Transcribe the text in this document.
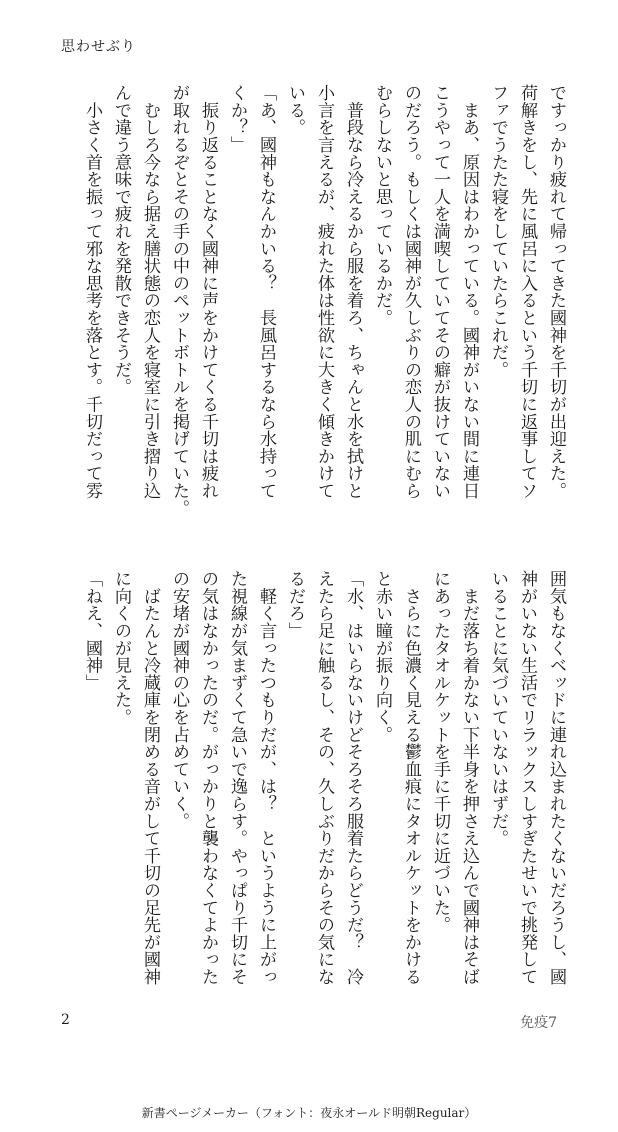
思わせぶり
ですっかり疲れて帰ってきた國神を千切が出迎えた。
荷解きをし、先に風呂に入るという千切に返事してソ
ファでうたた寝をしていたらこれだ。
　まあ、原因はわかっている。國神がいない間に連日
こうやって一人を満喫していてその癖が抜けていない
のだろう。もしくは國神が久しぶりの恋人の肌にむら
むらしないと思っているかだ。
　普段なら冷えるから服を着ろ、ちゃんと水を拭けと
小言を言えるが、疲れた体は性欲に大きく傾きかけて
いる。
「あ、國神もなんかいる？　長風呂するなら水持って
くか？」
　振り返ることなく國神に声をかけてくる千切は疲れ
が取れるぞとその手の中のペットボトルを掲げていた。
　むしろ今なら据え膳状態の恋人を寝室に引き摺り込
んで違う意味で疲れを発散できそうだ。
　小さく首を振って邪な思考を落とす。千切だって雰
囲気もなくベッドに連れ込まれたくないだろうし、國
神がいない生活でリラックスしすぎたせいで挑発して
いることに気づいていないはずだ。
　まだ落ち着かない下半身を押さえ込んで國神はそば
にあったタオルケットを手に千切に近づいた。
　さらに色濃く見える鬱血痕にタオルケットをかける
と赤い瞳が振り向く。
「水、はいらないけどそろそろ服着たらどうだ？　冷
えたら足に触るし、その、久しぶりだからその気にな
るだろ」
　軽く言ったつもりだが、は？　というように上がっ
た視線が気まずくて急いで逸らす。やっぱり千切にそ
の気はなかったのだ。がっかりと襲わなくてよかった
の安堵が國神の心を占めていく。
　ばたんと冷蔵庫を閉める音がして千切の足先が國神
に向くのが見えた。
「ねえ、國神」
2	免疫7
新書ページメーカー（フォント：夜永オールド明朝Regular）
